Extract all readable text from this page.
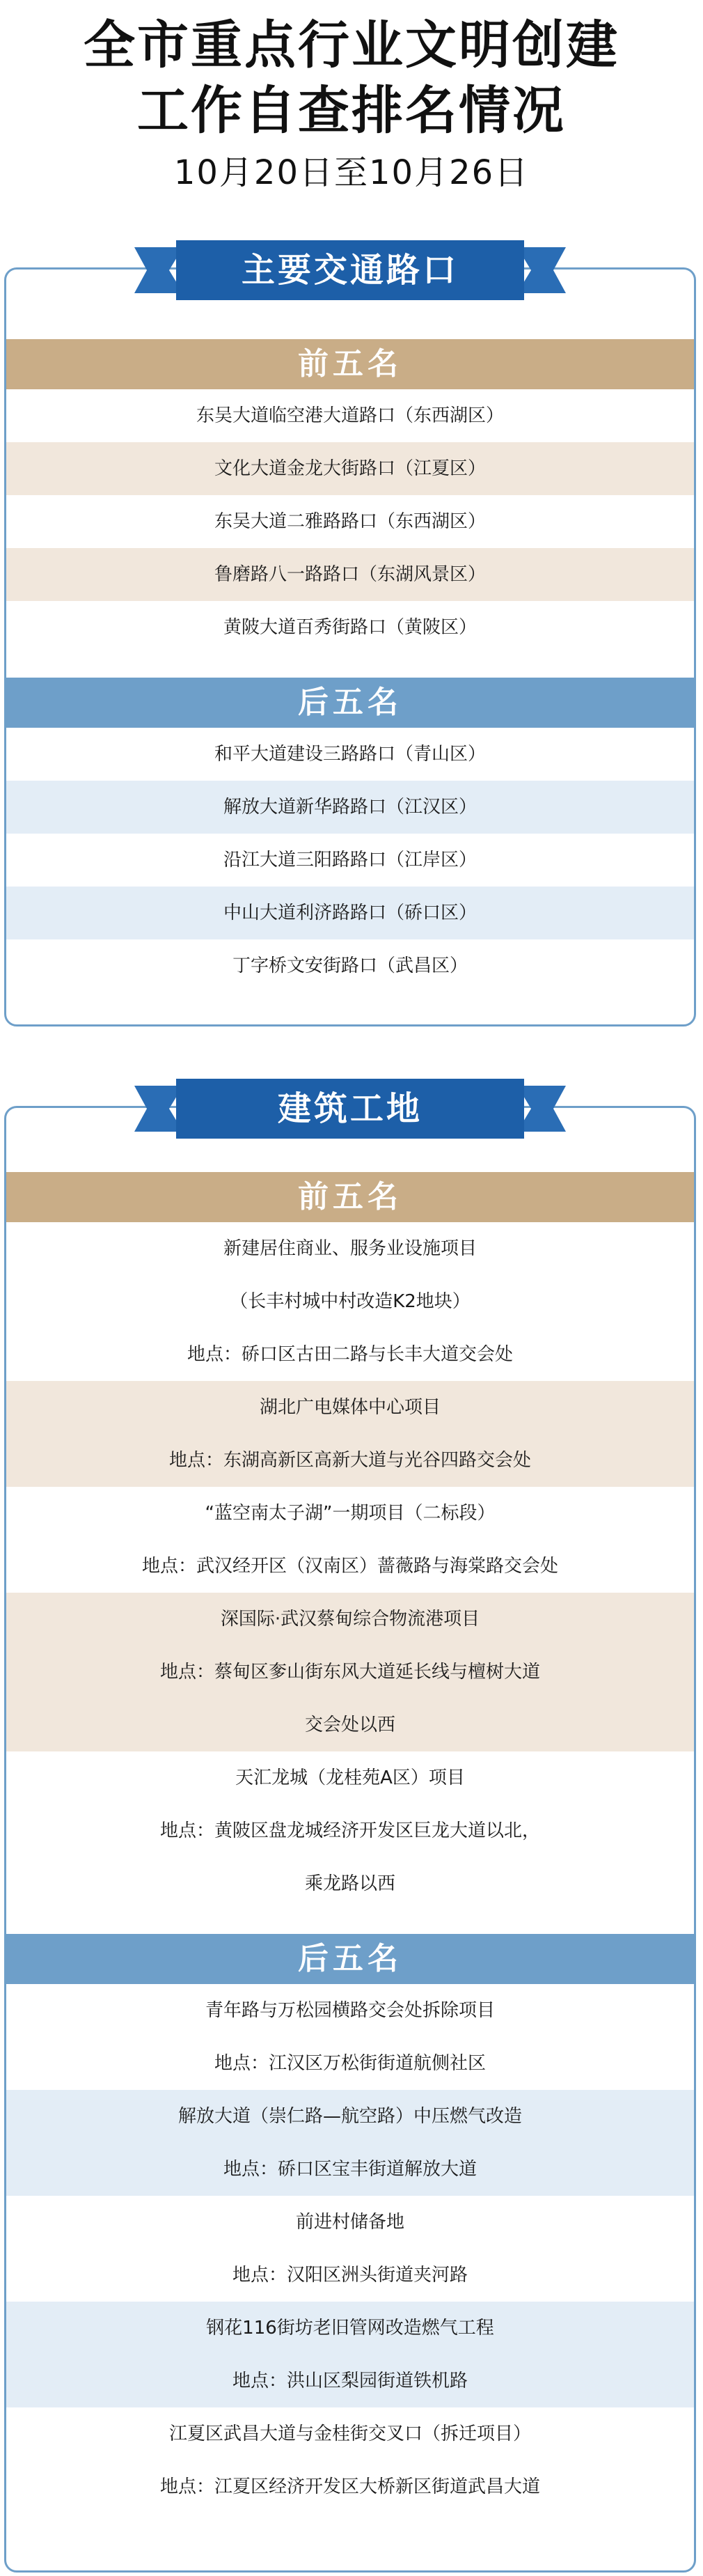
全市重点行业文明创建
工作自查排名情况
10月20日至10月26日
主要交通路口
前五名
东吴大道临空港大道路口（东西湖区）
文化大道金龙大街路口（江夏区）
东吴大道二雅路路口（东西湖区）
鲁磨路八一路路口（东湖风景区）
黄陂大道百秀街路口（黄陂区）
后五名
和平大道建设三路路口（青山区）
解放大道新华路路口（江汉区）
沿江大道三阳路路口（江岸区）
中山大道利济路路口（硚口区）
丁字桥文安街路口（武昌区）
建筑工地
前五名
新建居住商业、服务业设施项目
（长丰村城中村改造K2地块）
地点：硚口区古田二路与长丰大道交会处
湖北广电媒体中心项目
地点：东湖高新区高新大道与光谷四路交会处
“蓝空南太子湖”一期项目（二标段）
地点：武汉经开区（汉南区）蔷薇路与海棠路交会处
深国际·武汉蔡甸综合物流港项目
地点：蔡甸区奓山街东风大道延长线与檀树大道
交会处以西
天汇龙城（龙桂苑A区）项目
地点：黄陂区盘龙城经济开发区巨龙大道以北，
乘龙路以西
后五名
青年路与万松园横路交会处拆除项目
地点：江汉区万松街街道航侧社区
解放大道（崇仁路—航空路）中压燃气改造
地点：硚口区宝丰街道解放大道
前进村储备地
地点：汉阳区洲头街道夹河路
钢花116街坊老旧管网改造燃气工程
地点：洪山区梨园街道铁机路
江夏区武昌大道与金桂街交叉口（拆迁项目）
地点：江夏区经济开发区大桥新区街道武昌大道
